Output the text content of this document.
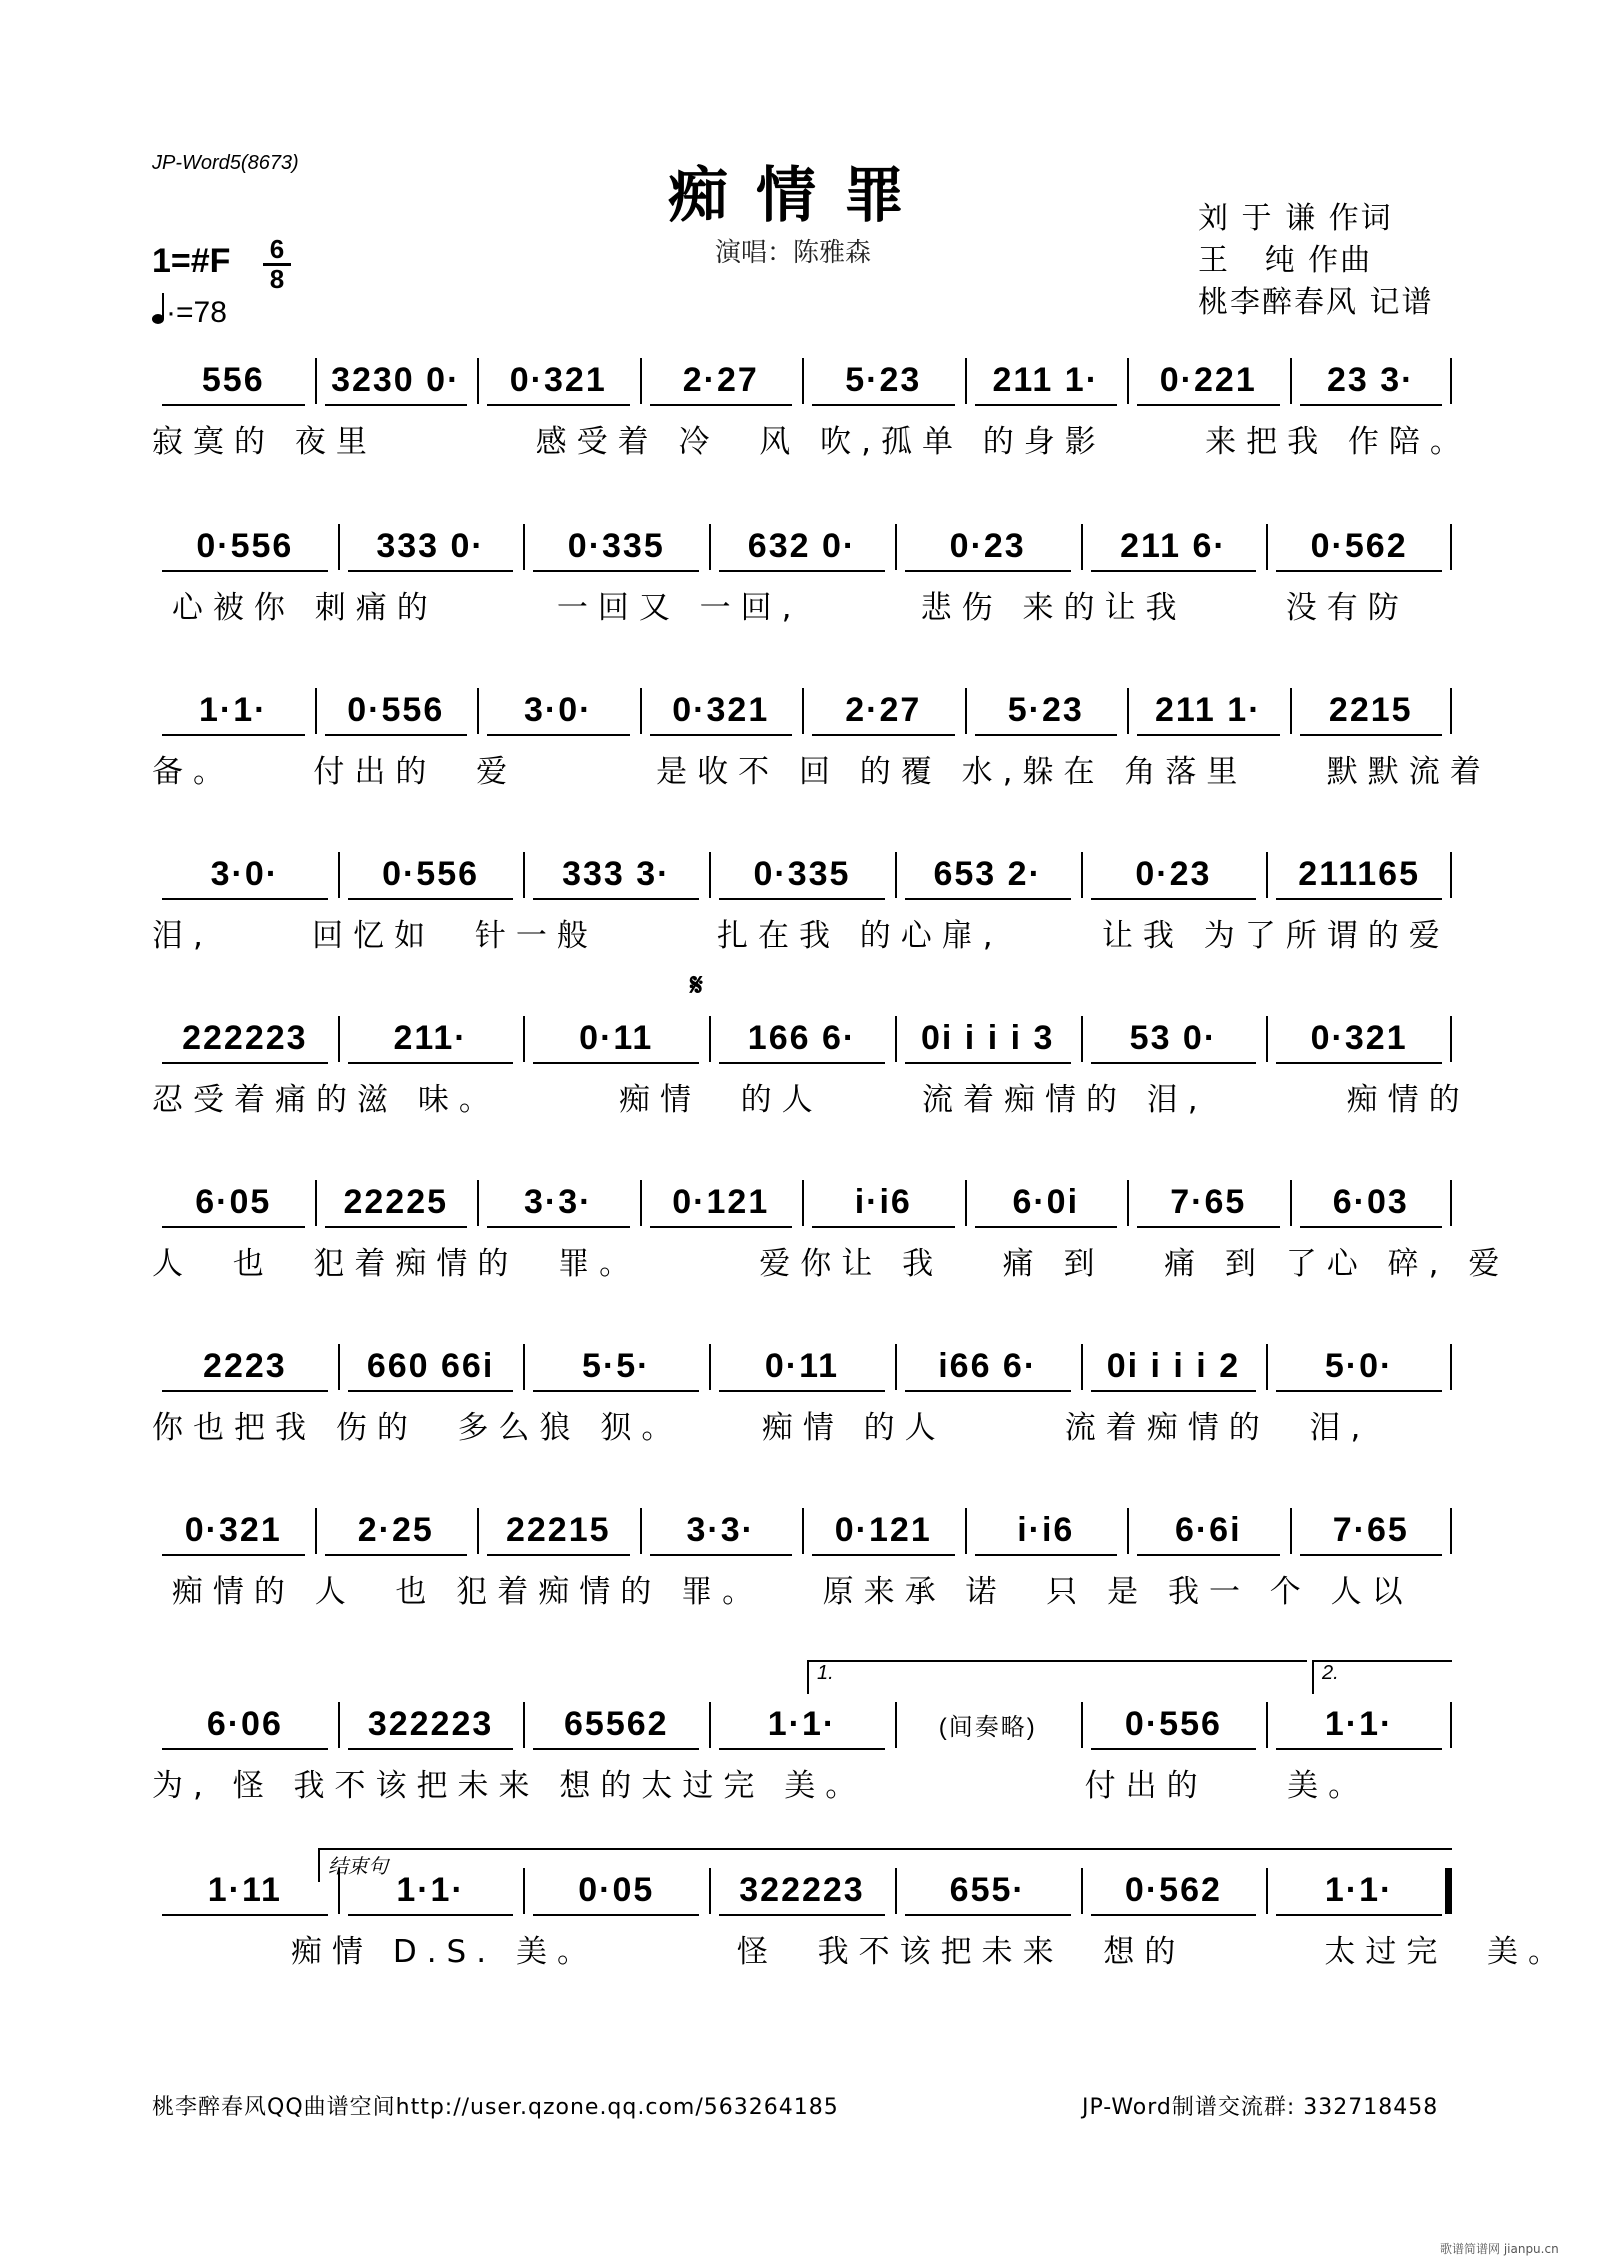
JP-Word5(8673)	痴情罪
演唱：陈雅森
刘 于 谦 作词
王   纯 作曲
桃李醉春风 记谱
1=#F 6
8
·=78
556	3230 0·	0·321	2·27	5·23	211 1·	0·221	23 3·
寂寞的 夜里        感受着 冷  风 吹,孤单 的身影     来把我 作陪。
0·556	333 0·	0·335	632 0·	0·23	211 6·	0·562
心被你 刺痛的      一回又 一回,      悲伤 来的让我     没有防
1·1·	0·556	3·0·	0·321	2·27	5·23	211 1·	2215
备。    付出的  爱       是收不 回 的覆 水,躲在 角落里    默默流着
3·0·	0·556	333 3·	0·335	653 2·	0·23	211165
泪,     回忆如  针一般      扎在我 的心扉,     让我 为了所谓的爱
222223	211·	0·11	166 6·	0i i i i 3	53 0·	0·321
忍受着痛的滋 味。      痴情  的人     流着痴情的 泪,       痴情的
6·05	22225	3·3·	0·121	i·i6	6·0i	7·65	6·03
人  也  犯着痴情的  罪。      爱你让 我   痛 到   痛 到 了心 碎, 爱
2223	660 66i	5·5·	0·11	i66 6·	0i i i i 2	5·0·
你也把我 伤的  多么狼 狈。    痴情 的人      流着痴情的  泪,
0·321	2·25	22215	3·3·	0·121	i·i6	6·6i	7·65
痴情的 人  也 犯着痴情的 罪。   原来承 诺  只 是 我一 个 人以
6·06	322223	65562	1·1·	(间奏略)	0·556	1·1·
为, 怪 我不该把未来 想的太过完 美。           付出的    美。
1·11	1·1·	0·05	322223	655·	0·562	1·1·
痴情 D.S. 美。       怪  我不该把未来  想的       太过完  美。
1.	2.
结束句
𝄋
桃李醉春风QQ曲谱空间http://user.qzone.qq.com/563264185	JP-Word制谱交流群: 332718458
歌谱简谱网 jianpu.cn
